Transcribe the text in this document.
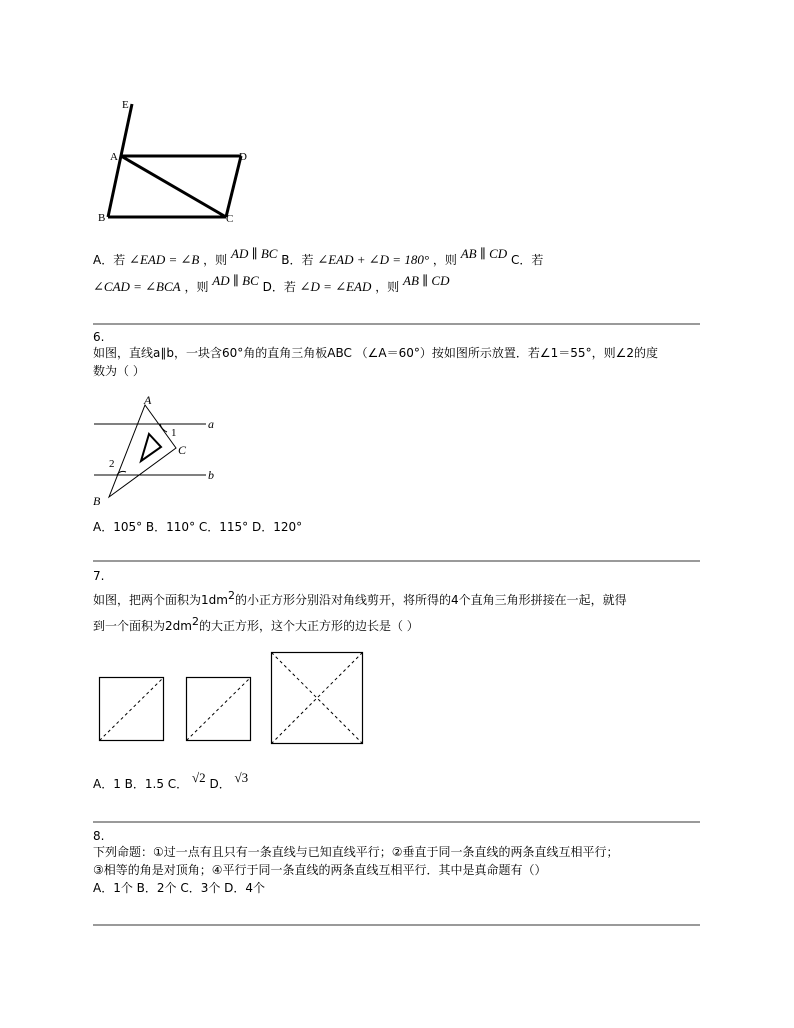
E
A	D
B	C
A．若 ∠EAD = ∠B ，则 AD ∥ BC B．若 ∠EAD + ∠D = 180° ，则 AB ∥ CD C．若
∠CAD = ∠BCA ，则 AD ∥ BC D．若 ∠D = ∠EAD ，则 AB ∥ CD
6.
如图，直线a∥b，一块含60°角的直角三角板ABC （∠A＝60°）按如图所示放置．若∠1＝55°，则∠2的度
数为（ ）
A
1
C
2
B
a
b
A．105° B．110° C．115° D．120°
7.
如图，把两个面积为$1dm^2$的小正方形分别沿对角线剪开，将所得的4个直角三角形拼接在一起，就得
到一个面积为$2dm^2$的大正方形，这个大正方形的边长是（ ）
A．1 B．1.5 C． √2 D． √3
8.
下列命题：①过一点有且只有一条直线与已知直线平行；②垂直于同一条直线的两条直线互相平行；
③相等的角是对顶角；④平行于同一条直线的两条直线互相平行．其中是真命题有（）
A．1个 B．2个 C．3个 D．4个
